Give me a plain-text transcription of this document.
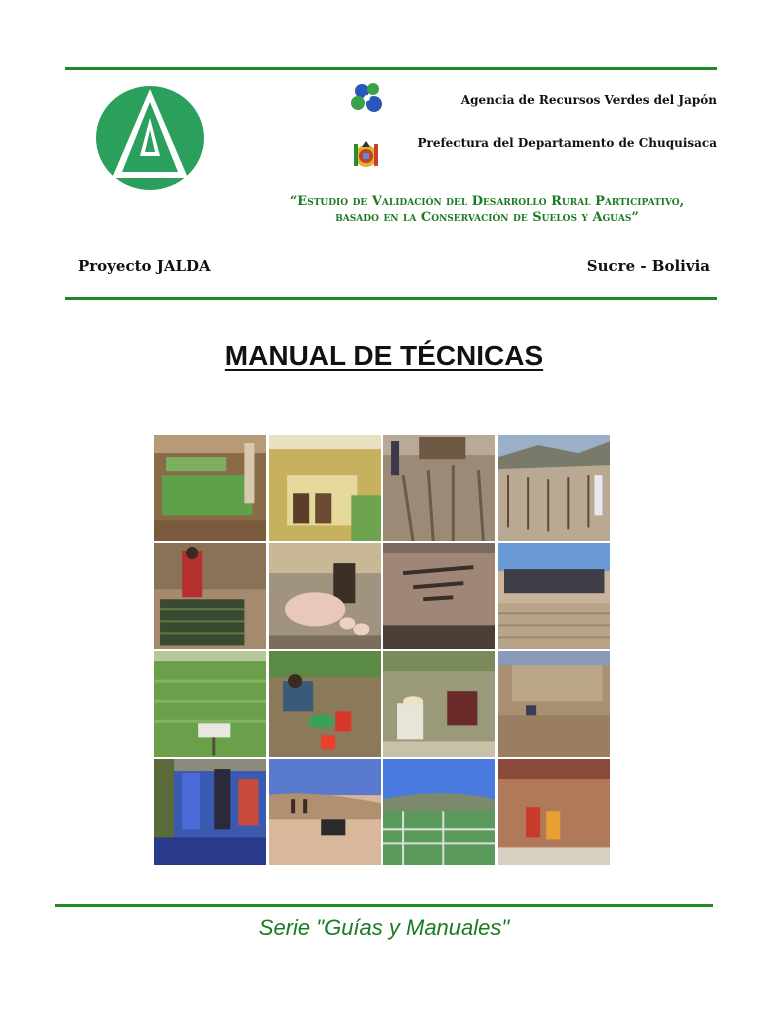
Agencia de Recursos Verdes del Japón
Prefectura del Departamento de Chuquisaca
“Estudio de Validación del Desarrollo Rural Participativo,
basado en la Conservación de Suelos y Aguas”
Proyecto JALDA	Sucre - Bolivia
MANUAL DE TÉCNICAS
Serie "Guías y Manuales"
